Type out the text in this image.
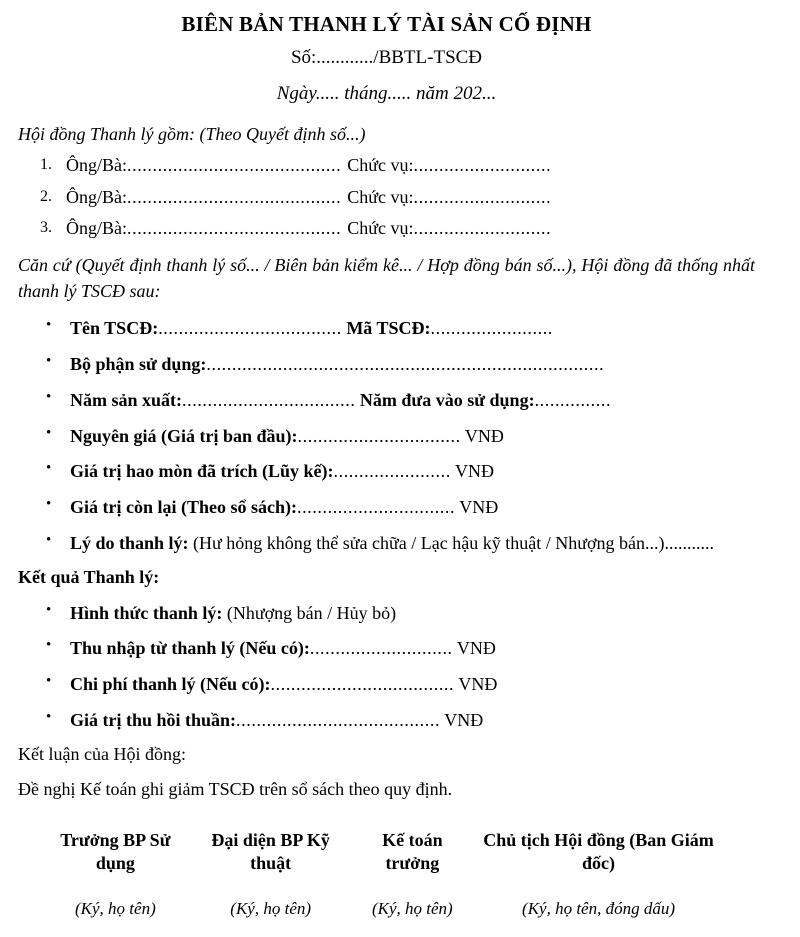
BIÊN BẢN THANH LÝ TÀI SẢN CỐ ĐỊNH
Số:............/BBTL-TSCĐ
Ngày..... tháng..... năm 202...
Hội đồng Thanh lý gồm: (Theo Quyết định số...)
1. Ông/Bà:.......................................... Chức vụ:...........................
2. Ông/Bà:.......................................... Chức vụ:...........................
3. Ông/Bà:.......................................... Chức vụ:...........................

Căn cứ (Quyết định thanh lý số... / Biên bản kiểm kê... / Hợp đồng bán số...), Hội đồng đã thống nhất thanh lý TSCĐ sau:

• Tên TSCĐ:.................................... Mã TSCĐ:........................
• Bộ phận sử dụng:..............................................................................
• Năm sản xuất:.................................. Năm đưa vào sử dụng:...............
• Nguyên giá (Giá trị ban đầu):................................ VNĐ
• Giá trị hao mòn đã trích (Lũy kế):....................... VNĐ
• Giá trị còn lại (Theo sổ sách):............................... VNĐ
• Lý do thanh lý: (Hư hỏng không thể sửa chữa / Lạc hậu kỹ thuật / Nhượng bán...)...........
Kết quả Thanh lý:
• Hình thức thanh lý: (Nhượng bán / Hủy bỏ)
• Thu nhập từ thanh lý (Nếu có):............................ VNĐ
• Chi phí thanh lý (Nếu có):.................................... VNĐ
• Giá trị thu hồi thuần:........................................ VNĐ
Kết luận của Hội đồng:
Đề nghị Kế toán ghi giảm TSCĐ trên sổ sách theo quy định.
Trưởng BP Sử dụng
(Ký, họ tên)
Đại diện BP Kỹ thuật
(Ký, họ tên)
Kế toán trưởng
(Ký, họ tên)
Chủ tịch Hội đồng (Ban Giám đốc)
(Ký, họ tên, đóng dấu)
